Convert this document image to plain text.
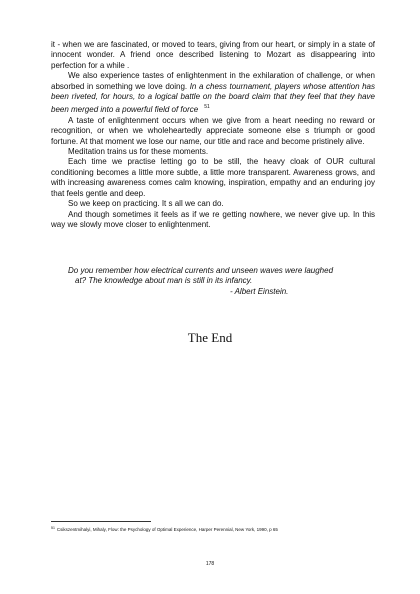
it - when we are fascinated, or moved to tears, giving from our heart, or simply in a state of innocent wonder. A friend once described listening to Mozart as disappearing into perfection for a while .

We also experience tastes of enlightenment in the exhilaration of challenge, or when absorbed in something we love doing. In a chess tournament, players whose attention has been riveted, for hours, to a logical battle on the board claim that they feel that they have been merged into a powerful field of force $^{51}$

A taste of enlightenment occurs when we give from a heart needing no reward or recognition, or when we wholeheartedly appreciate someone else s triumph or good fortune. At that moment we lose our name, our title and race and become pristinely alive.

Meditation trains us for these moments.

Each time we practise letting go to be still, the heavy cloak of OUR cultural conditioning becomes a little more subtle, a little more transparent. Awareness grows, and with increasing awareness comes calm knowing, inspiration, empathy and an enduring joy that feels gentle and deep.

So we keep on practicing. It s all we can do.

And though sometimes it feels as if we re getting nowhere, we never give up. In this way we slowly move closer to enlightenment.

Do you remember how electrical currents and unseen waves were laughed
at? The knowledge about man is still in its infancy.
- Albert Einstein.
The End
$^{51}$ Csikszentmihalyi, Mihaly, Flow: the Psychology of Optimal Experience, Harper Perennial, New York, 1990, p 65
178
